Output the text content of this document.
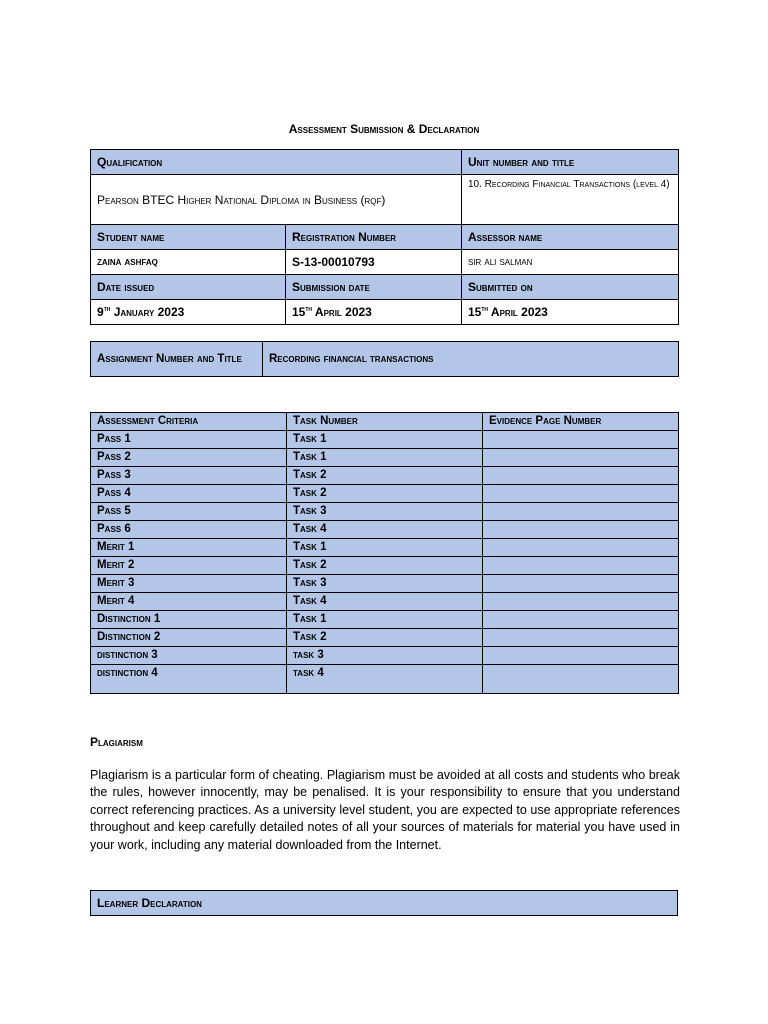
Assessment Submission & Declaration
Qualification		Unit number and title
Pearson BTEC Higher National Diploma in Business (rqf)		10. Recording Financial Transactions (level 4)
Student name	Registration Number	Assessor name
zaina ashfaq	S-13-00010793	sir ali salman
Date issued	Submission date	Submitted on
9th January 2023	15th April 2023	15th April 2023
Assignment Number and Title	Recording financial transactions
Assessment Criteria	Task Number	Evidence Page Number
Pass 1	Task 1	
Pass 2	Task 1	
Pass 3	Task 2	
Pass 4	Task 2	
Pass 5	Task 3	
Pass 6	Task 4	
Merit 1	Task 1	
Merit 2	Task 2	
Merit 3	Task 3	
Merit 4	Task 4	
Distinction 1	Task 1	
Distinction 2	Task 2	
distinction 3	task 3	
distinction 4	task 4	
Plagiarism
Plagiarism is a particular form of cheating. Plagiarism must be avoided at all costs and students who break the rules, however innocently, may be penalised. It is your responsibility to ensure that you understand correct referencing practices. As a university level student, you are expected to use appropriate references throughout and keep carefully detailed notes of all your sources of materials for material you have used in your work, including any material downloaded from the Internet.
Learner Declaration
